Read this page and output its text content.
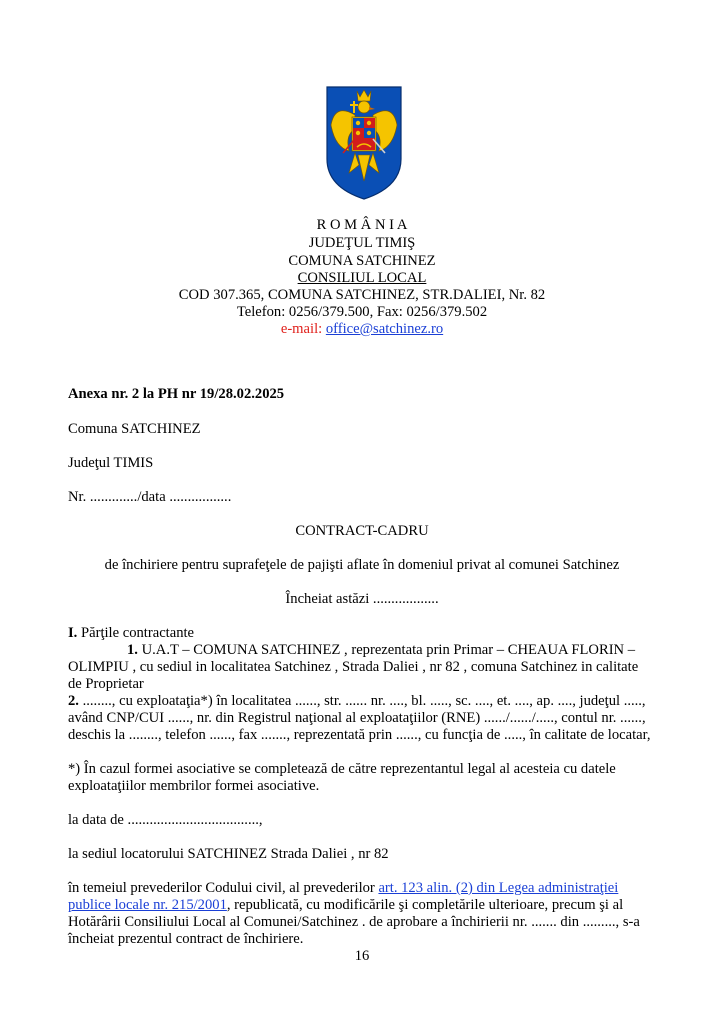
R O M Â N I A
JUDEŢUL TIMIŞ
COMUNA SATCHINEZ
CONSILIUL LOCAL
COD 307.365, COMUNA SATCHINEZ, STR.DALIEI, Nr. 82
Telefon: 0256/379.500, Fax: 0256/379.502
e-mail: office@satchinez.ro
Anexa nr. 2 la PH nr 19/28.02.2025
Comuna SATCHINEZ
Judeţul TIMIS
Nr. ............./data .................
CONTRACT-CADRU
de închiriere pentru suprafeţele de pajişti aflate în domeniul privat al comunei Satchinez
Încheiat astăzi ..................
I. Părţile contractante
1. U.A.T – COMUNA SATCHINEZ , reprezentata prin Primar – CHEAUA FLORIN –
OLIMPIU , cu sediul in localitatea Satchinez , Strada Daliei , nr 82 , comuna Satchinez in calitate
de Proprietar
2. ........, cu exploataţia*) în localitatea ......, str. ...... nr. ...., bl. ....., sc. ...., et. ...., ap. ...., judeţul .....,
având CNP/CUI ......, nr. din Registrul naţional al exploataţiilor (RNE) ....../....../....., contul nr. ......,
deschis la ........, telefon ......, fax ......., reprezentată prin ......, cu funcţia de ....., în calitate de locatar,
*) În cazul formei asociative se completează de către reprezentantul legal al acesteia cu datele
exploataţiilor membrilor formei asociative.
la data de ....................................,
la sediul locatorului SATCHINEZ Strada Daliei , nr 82
în temeiul prevederilor Codului civil, al prevederilor art. 123 alin. (2) din Legea administraţiei
publice locale nr. 215/2001, republicată, cu modificările şi completările ulterioare, precum şi al
Hotărârii Consiliului Local al Comunei/Satchinez . de aprobare a închirierii nr. ....... din ........., s-a
încheiat prezentul contract de închiriere.
16
